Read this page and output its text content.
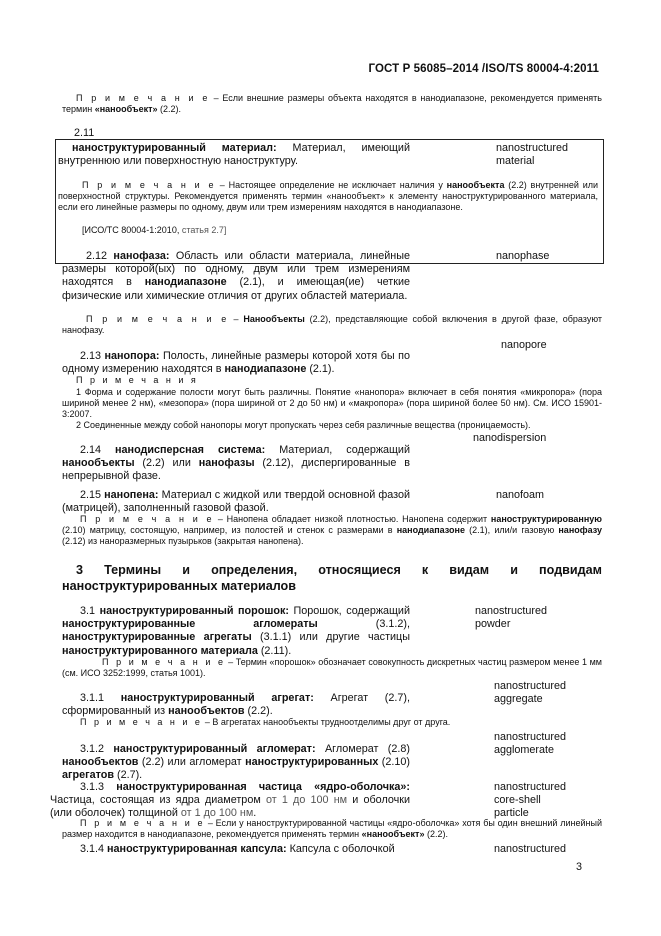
ГОСТ Р 56085–2014 /ISO/TS 80004-4:2011
П р и м е ч а н и е – Если внешние размеры объекта находятся в нанодиапазоне, рекомендуется применять термин «нанообъект» (2.2).
2.11
наноструктурированный материал: Материал, имеющий внутреннюю или поверхностную наноструктуру.
nanostructured
material
П р и м е ч а н и е – Настоящее определение не исключает наличия у нанообъекта (2.2) внутренней или поверхностной структуры. Рекомендуется применять термин «нанообъект» к элементу наноструктурированного материала, если его линейные размеры по одному, двум или трем измерениям находятся в нанодиапазоне.
[ИСО/ТС 80004-1:2010, статья 2.7]
2.12 нанофаза: Область или области материала, линейные размеры которой(ых) по одному, двум или трем измерениям находятся в нанодиапазоне (2.1), и имеющая(ие) четкие физические или химические отличия от других областей материала.
nanophase
П р и м е ч а н и е – Нанообъекты (2.2), представляющие собой включения в другой фазе, образуют нанофазу.
nanopore
2.13 нанопора: Полость, линейные размеры которой хотя бы по одному измерению находятся в нанодиапазоне (2.1).
П р и м е ч а н и я
1 Форма и содержание полости могут быть различны. Понятие «нанопора» включает в себя понятия «микропора» (пора шириной менее 2 нм), «мезопора» (пора шириной от 2 до 50 нм) и «макропора» (пора шириной более 50 нм). См. ИСО 15901-3:2007.
2 Соединенные между собой нанопоры могут пропускать через себя различные вещества (проницаемость).
nanodispersion
2.14 нанодисперсная система: Материал, содержащий нанообъекты (2.2) или нанофазы (2.12), диспергированные в непрерывной фазе.
2.15 нанопена: Материал с жидкой или твердой основной фазой (матрицей), заполненный газовой фазой.
nanofoam
П р и м е ч а н и е – Нанопена обладает низкой плотностью. Нанопена содержит наноструктурированную (2.10) матрицу, состоящую, например, из полостей и стенок с размерами в нанодиапазоне (2.1), или/и газовую нанофазу (2.12) из наноразмерных пузырьков (закрытая нанопена).
3 Термины и определения, относящиеся к видам и подвидам наноструктурированных материалов
3.1 наноструктурированный порошок: Порошок, содержащий наноструктурированные агломераты (3.1.2), наноструктурированные агрегаты (3.1.1) или другие частицы наноструктурированного материала (2.11).
nanostructured
powder
П р и м е ч а н и е – Термин «порошок» обозначает совокупность дискретных частиц размером менее 1 мм (см. ИСО 3252:1999, статья 1001).
nanostructured
aggregate
3.1.1 наноструктурированный агрегат: Агрегат (2.7), сформированный из нанообъектов (2.2).
П р и м е ч а н и е – В агрегатах нанообъекты трудноотделимы друг от друга.
nanostructured
agglomerate
3.1.2 наноструктурированный агломерат: Агломерат (2.8) нанообъектов (2.2) или агломерат наноструктурированных (2.10) агрегатов (2.7).
3.1.3 наноструктурированная частица «ядро-оболочка»: Частица, состоящая из ядра диаметром от 1 до 100 нм и оболочки (или оболочек) толщиной от 1 до 100 нм.
nanostructured
core-shell
particle
П р и м е ч а н и е – Если у наноструктурированной частицы «ядро-оболочка» хотя бы один внешний линейный размер находится в нанодиапазоне, рекомендуется применять термин «нанообъект» (2.2).
3.1.4 наноструктурированная капсула: Капсула с оболочкой	nanostructured
3
